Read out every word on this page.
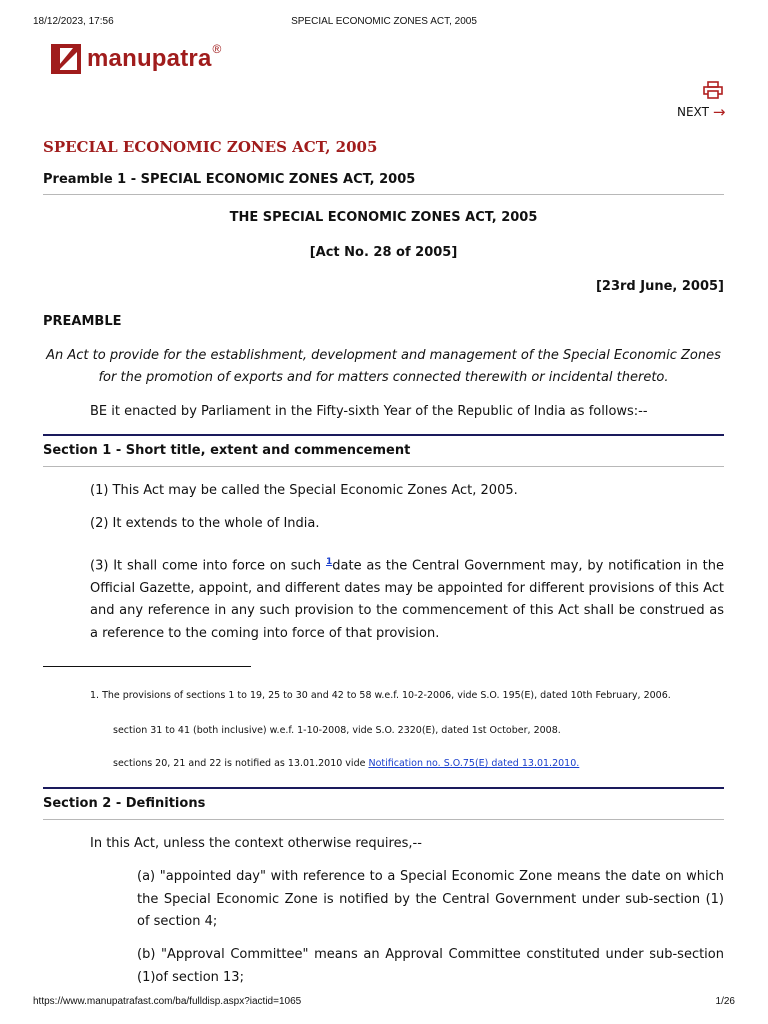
18/12/2023, 17:56	SPECIAL ECONOMIC ZONES ACT, 2005
manupatra ®
NEXT →
SPECIAL ECONOMIC ZONES ACT, 2005
Preamble 1 - SPECIAL ECONOMIC ZONES ACT, 2005
THE SPECIAL ECONOMIC ZONES ACT, 2005
[Act No. 28 of 2005]
[23rd June, 2005]
PREAMBLE
An Act to provide for the establishment, development and management of the Special Economic Zones for the promotion of exports and for matters connected therewith or incidental thereto.
BE it enacted by Parliament in the Fifty-sixth Year of the Republic of India as follows:--
Section 1 - Short title, extent and commencement
(1) This Act may be called the Special Economic Zones Act, 2005.
(2) It extends to the whole of India.
(3) It shall come into force on such $^1$date as the Central Government may, by notification in the Official Gazette, appoint, and different dates may be appointed for different provisions of this Act and any reference in any such provision to the commencement of this Act shall be construed as a reference to the coming into force of that provision.
1. The provisions of sections 1 to 19, 25 to 30 and 42 to 58 w.e.f. 10-2-2006, vide S.O. 195(E), dated 10th February, 2006.
section 31 to 41 (both inclusive) w.e.f. 1-10-2008, vide S.O. 2320(E), dated 1st October, 2008.
sections 20, 21 and 22 is notified as 13.01.2010 vide Notification no. S.O.75(E) dated 13.01.2010.
Section 2 - Definitions
In this Act, unless the context otherwise requires,--
(a) "appointed day" with reference to a Special Economic Zone means the date on which the Special Economic Zone is notified by the Central Government under sub-section (1) of section 4;
(b) "Approval Committee" means an Approval Committee constituted under sub-section (1)of section 13;
https://www.manupatrafast.com/ba/fulldisp.aspx?iactid=1065	1/26
